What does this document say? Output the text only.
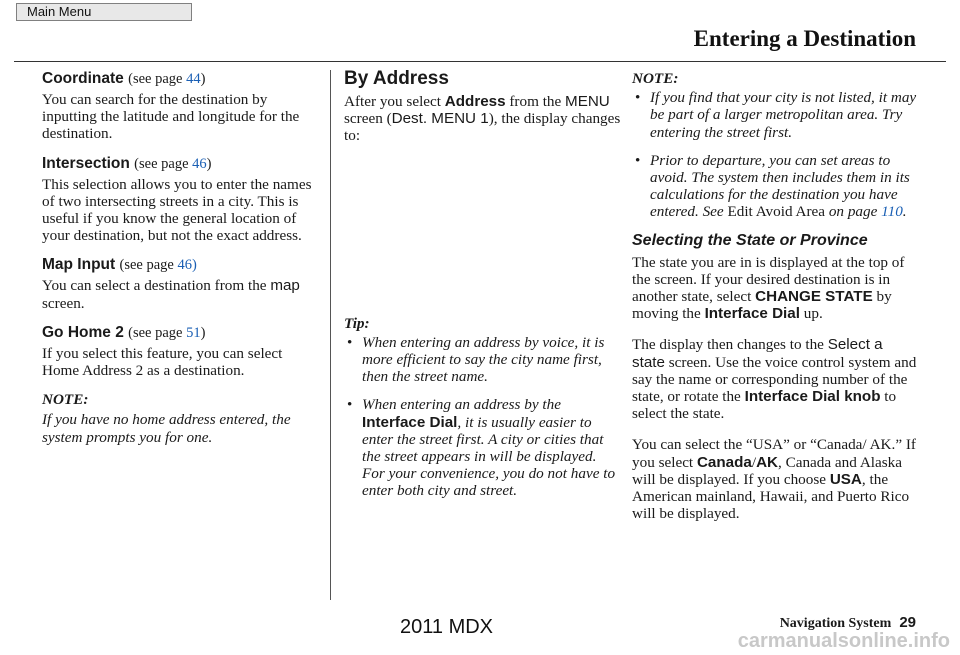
Main Menu
Entering a Destination
Coordinate (see page 44)

You can search for the destination by inputting the latitude and longitude for the destination.

Intersection (see page 46)

This selection allows you to enter the names of two intersecting streets in a city. This is useful if you know the general location of your destination, but not the exact address.

Map Input (see page 46)

You can select a destination from the map screen.

Go Home 2 (see page 51)

If you select this feature, you can select Home Address 2 as a destination.

NOTE:

If you have no home address entered, the system prompts you for one.

By Address

After you select Address from the MENU screen (Dest. MENU 1), the display changes to:

Tip:
• When entering an address by voice, it is more efficient to say the city name first, then the street name.
• When entering an address by the Interface Dial, it is usually easier to enter the street first. A city or cities that the street appears in will be displayed. For your convenience, you do not have to enter both city and street.
NOTE:
• If you find that your city is not listed, it may be part of a larger metropolitan area. Try entering the street first.
• Prior to departure, you can set areas to avoid. The system then includes them in its calculations for the destination you have entered. See Edit Avoid Area on page 110.
Selecting the State or Province

The state you are in is displayed at the top of the screen. If your desired destination is in another state, select CHANGE STATE by moving the Interface Dial up.

The display then changes to the Select a state screen. Use the voice control system and say the name or corresponding number of the state, or rotate the Interface Dial knob to select the state.

You can select the “USA” or “Canada/ AK.” If you select Canada/AK, Canada and Alaska will be displayed. If you choose USA, the American mainland, Hawaii, and Puerto Rico will be displayed.

Navigation System 29
2011 MDX
carmanualsonline.info
